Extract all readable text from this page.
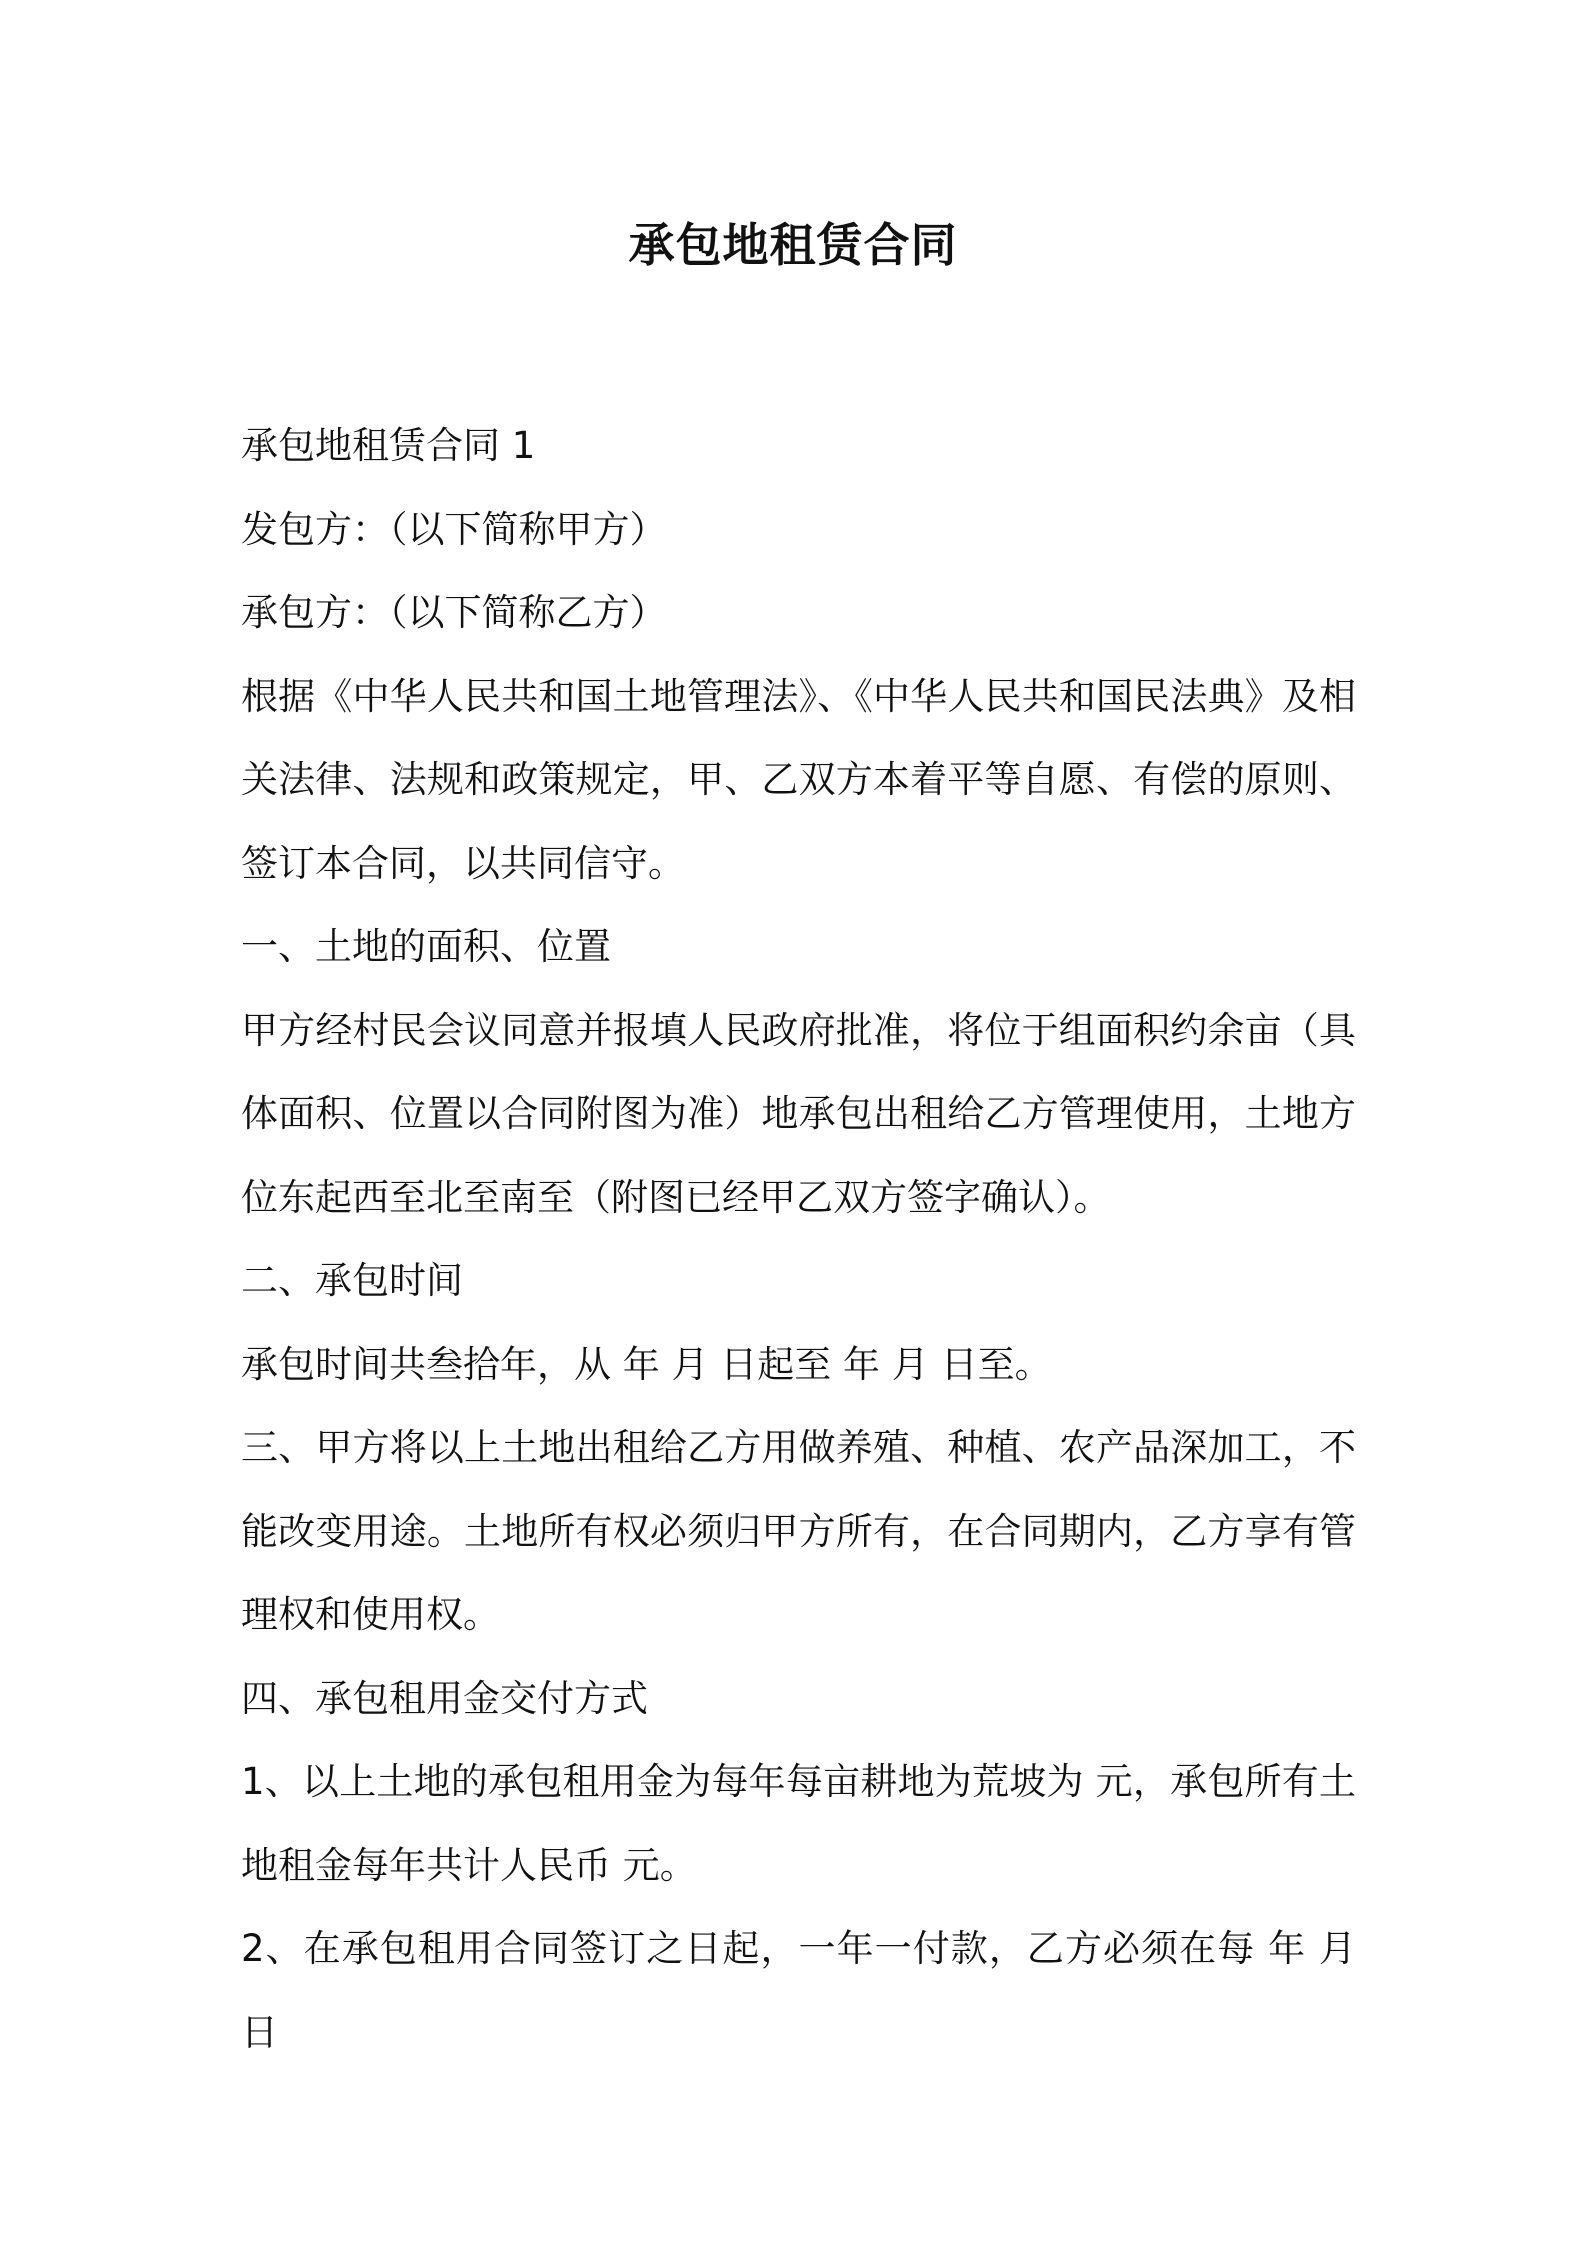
承包地租赁合同

承包地租赁合同 1

发包方：（以下简称甲方）

承包方：（以下简称乙方）

根据《中华人民共和国土地管理法》、《中华人民共和国民法典》及相关法律、法规和政策规定，甲、乙双方本着平等自愿、有偿的原则、签订本合同，以共同信守。

一、土地的面积、位置

甲方经村民会议同意并报填人民政府批准，将位于组面积约余亩（具体面积、位置以合同附图为准）地承包出租给乙方管理使用，土地方位东起西至北至南至（附图已经甲乙双方签字确认）。

二、承包时间

承包时间共叁拾年，从 年 月 日起至 年 月 日至。

三、甲方将以上土地出租给乙方用做养殖、种植、农产品深加工，不能改变用途。土地所有权必须归甲方所有，在合同期内，乙方享有管理权和使用权。

四、承包租用金交付方式

1、以上土地的承包租用金为每年每亩耕地为荒坡为 元，承包所有土地租金每年共计人民币 元。

2、在承包租用合同签订之日起，一年一付款，乙方必须在每 年 月 日
